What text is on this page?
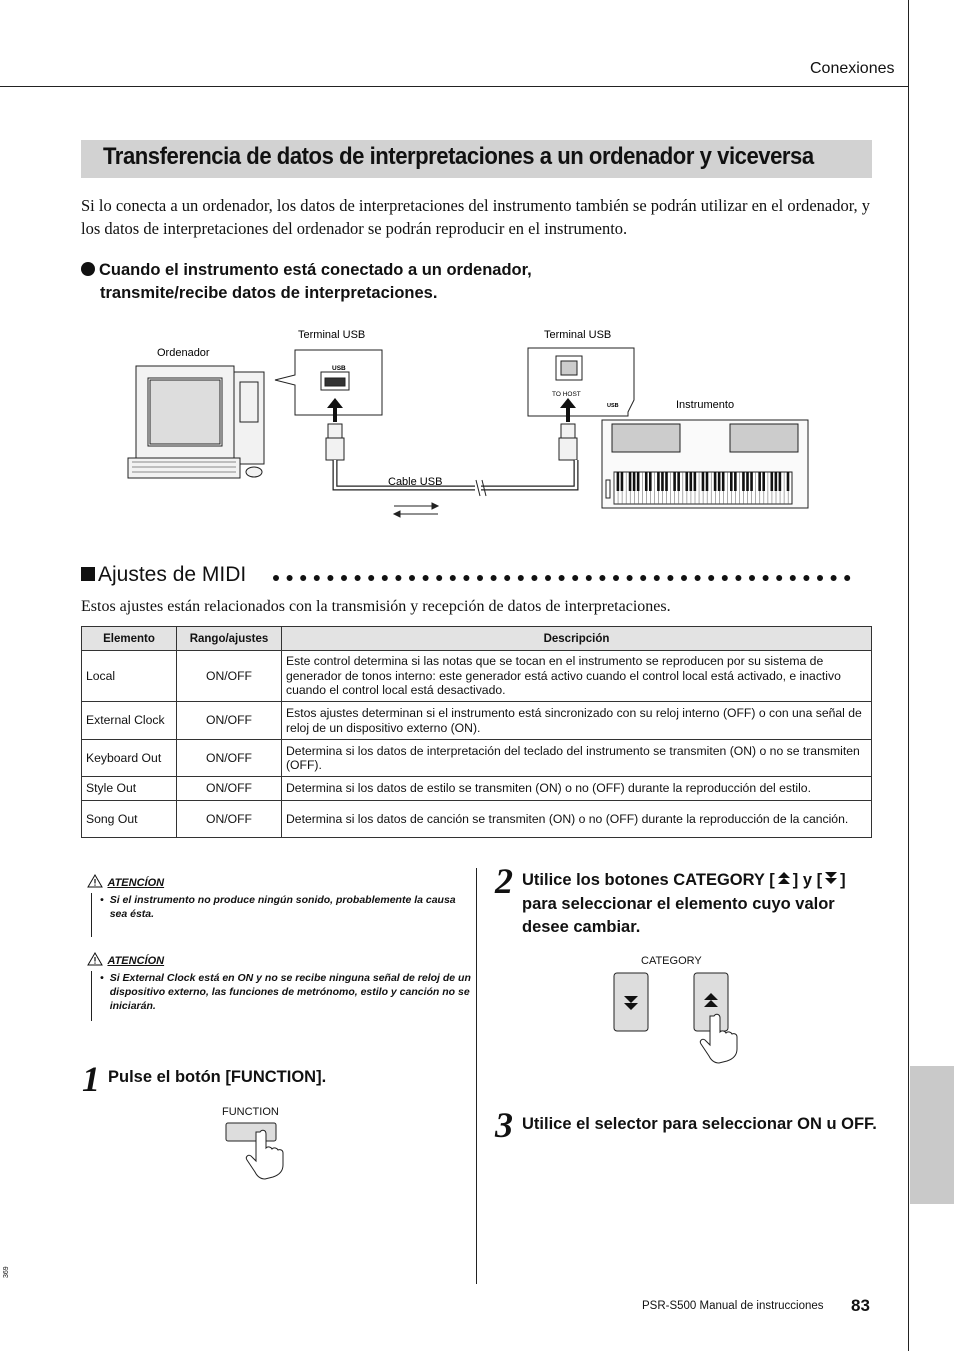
Conexiones
Transferencia de datos de interpretaciones a un ordenador y viceversa
Si lo conecta a un ordenador, los datos de interpretaciones del instrumento también se podrán utilizar en el ordenador, y los datos de interpretaciones del ordenador se podrán reproducir en el instrumento.
Cuando el instrumento está conectado a un ordenador,
transmite/recibe datos de interpretaciones.
USB
TO HOST
USB
Ordenador
Terminal USB	Terminal USB
Instrumento
Cable USB
Ajustes de MIDI
Estos ajustes están relacionados con la transmisión y recepción de datos de interpretaciones.
Elemento	Rango/ajustes	Descripción
Local	ON/OFF	Este control determina si las notas que se tocan en el instrumento se reproducen por su sistema de generador de tonos interno: este generador está activo cuando el control local está activado, e inactivo cuando el control local está desactivado.
External Clock	ON/OFF	Estos ajustes determinan si el instrumento está sincronizado con su reloj interno (OFF) o con una señal de reloj de un dispositivo externo (ON).
Keyboard Out	ON/OFF	Determina si los datos de interpretación del teclado del instrumento se transmiten (ON) o no se transmiten (OFF).
Style Out	ON/OFF	Determina si los datos de estilo se transmiten (ON) o no (OFF) durante la reproducción del estilo.
Song Out	ON/OFF	Determina si los datos de canción se transmiten (ON) o no (OFF) durante la reproducción de la canción.
ATENCÍON
• Si el instrumento no produce ningún sonido, probablemente la causa sea ésta.
ATENCÍON
• Si External Clock está en ON y no se recibe ninguna señal de reloj de un dispositivo externo, las funciones de metrónomo, estilo y canción no se iniciarán.
1 Pulse el botón [FUNCTION].
FUNCTION
2 Utilice los botones CATEGORY [ ] y [ ] para seleccionar el elemento cuyo valor desee cambiar.
CATEGORY
3 Utilice el selector para seleccionar ON u OFF.
369
PSR-S500 Manual de instrucciones 83
